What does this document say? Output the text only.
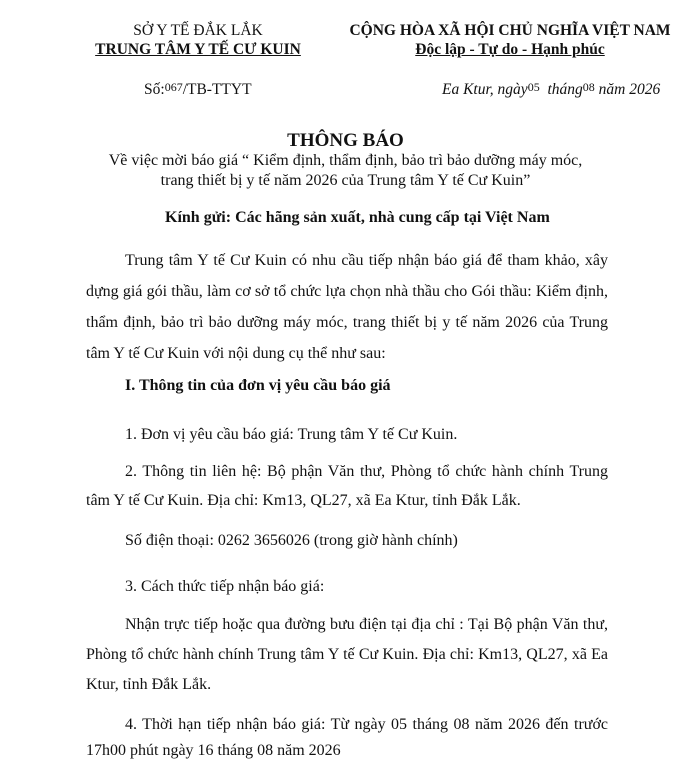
SỞ Y TẾ ĐẮK LẮK
TRUNG TÂM Y TẾ CƯ KUIN
CỘNG HÒA XÃ HỘI CHỦ NGHĨA VIỆT NAM
Độc lập - Tự do - Hạnh phúc
Số:067/TB-TTYT	Ea Ktur, ngày05 tháng08 năm 2026
THÔNG BÁO
Về việc mời báo giá “ Kiểm định, thẩm định, bảo trì bảo dưỡng máy móc,
trang thiết bị y tế năm 2026 của Trung tâm Y tế Cư Kuin”
Kính gửi: Các hãng sản xuất, nhà cung cấp tại Việt Nam
Trung tâm Y tế Cư Kuin có nhu cầu tiếp nhận báo giá để tham khảo, xây dựng giá gói thầu, làm cơ sở tổ chức lựa chọn nhà thầu cho Gói thầu: Kiểm định, thẩm định, bảo trì bảo dưỡng máy móc, trang thiết bị y tế năm 2026 của Trung tâm Y tế Cư Kuin với nội dung cụ thể như sau:
I. Thông tin của đơn vị yêu cầu báo giá
1. Đơn vị yêu cầu báo giá: Trung tâm Y tế Cư Kuin.
2. Thông tin liên hệ: Bộ phận Văn thư, Phòng tổ chức hành chính Trung tâm Y tế Cư Kuin. Địa chỉ: Km13, QL27, xã Ea Ktur, tỉnh Đắk Lắk.
Số điện thoại: 0262 3656026 (trong giờ hành chính)
3. Cách thức tiếp nhận báo giá:
Nhận trực tiếp hoặc qua đường bưu điện tại địa chỉ : Tại Bộ phận Văn thư, Phòng tổ chức hành chính Trung tâm Y tế Cư Kuin. Địa chỉ: Km13, QL27, xã Ea Ktur, tỉnh Đắk Lắk.
4. Thời hạn tiếp nhận báo giá: Từ ngày 05 tháng 08 năm 2026 đến trước 17h00 phút ngày 16 tháng 08 năm 2026
